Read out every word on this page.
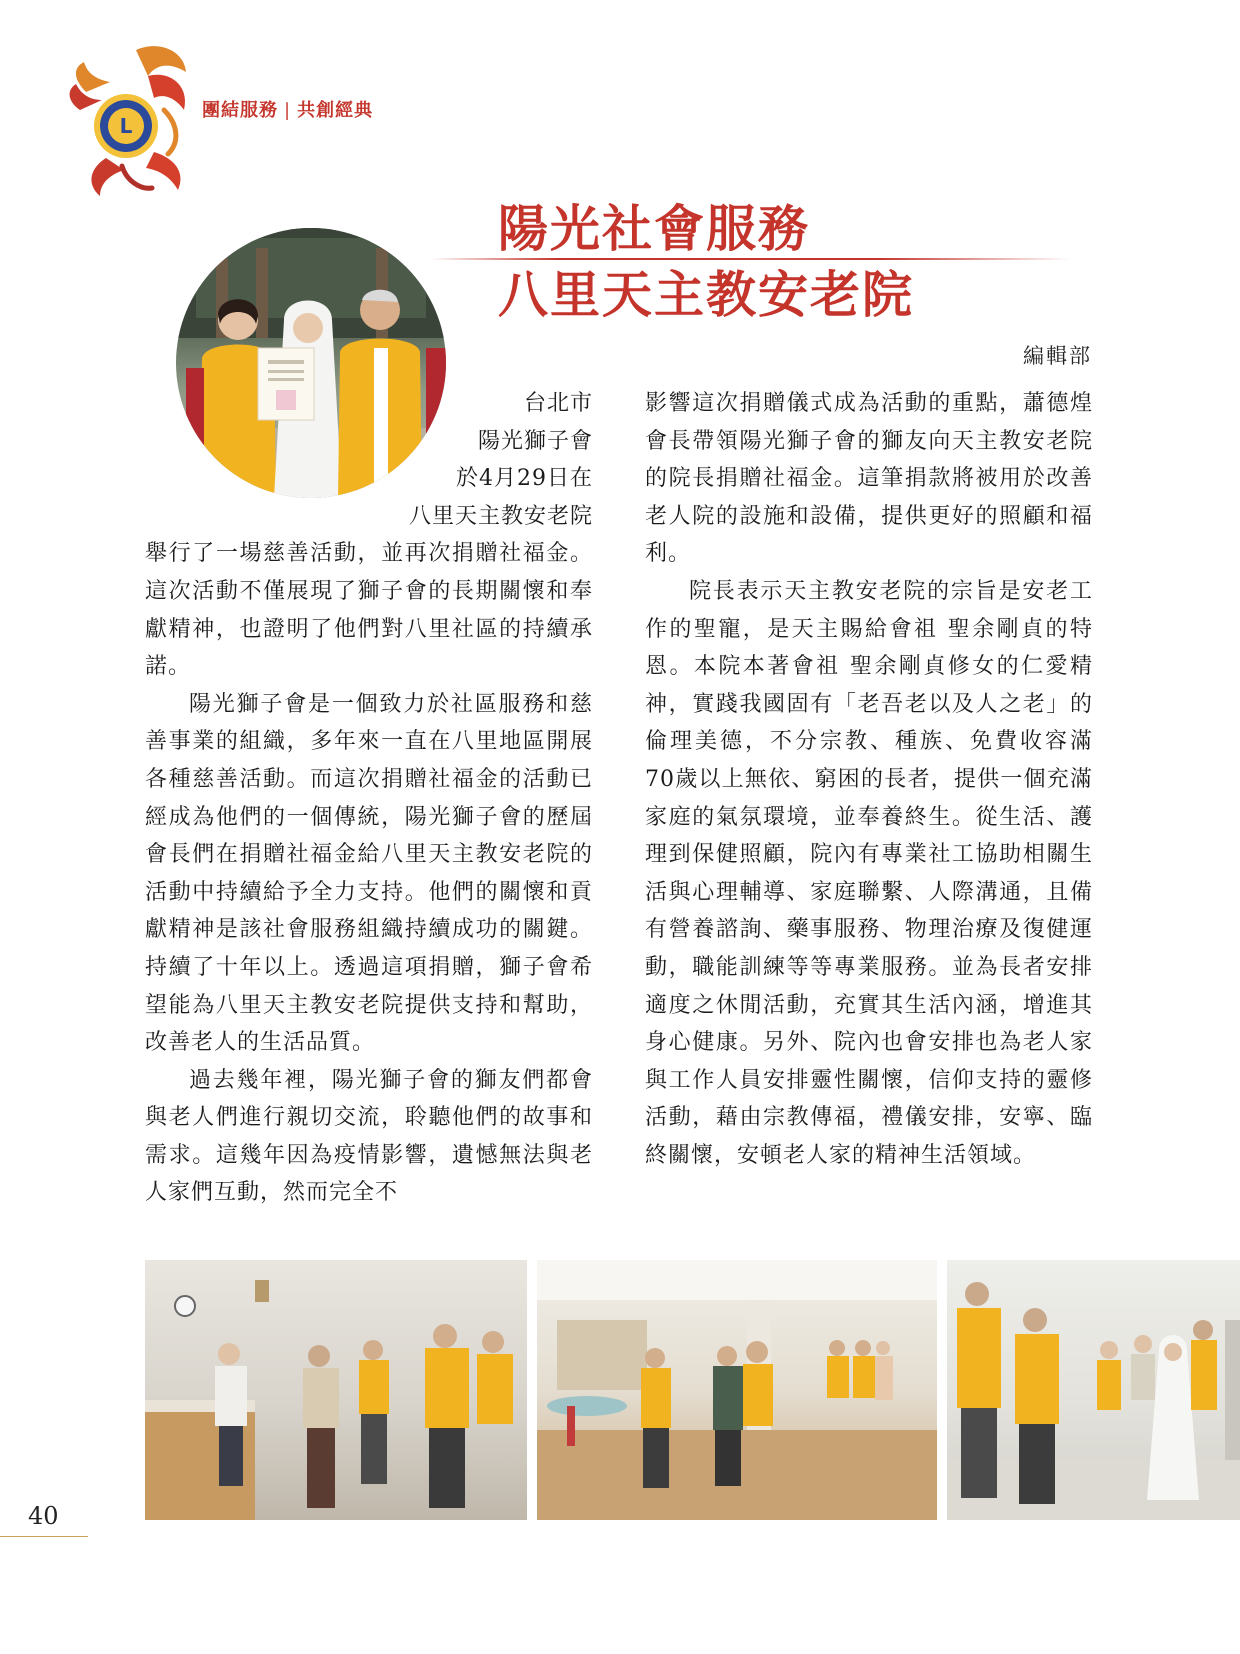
L
團結服務 | 共創經典
陽光社會服務
八里天主教安老院
編輯部
台北市
陽光獅子會
於4月29日在
八里天主教安老院

舉行了一場慈善活動，並再次捐贈社福金。這次活動不僅展現了獅子會的長期關懷和奉獻精神，也證明了他們對八里社區的持續承諾。

陽光獅子會是一個致力於社區服務和慈善事業的組織，多年來一直在八里地區開展各種慈善活動。而這次捐贈社福金的活動已經成為他們的一個傳統，陽光獅子會的歷屆會長們在捐贈社福金給八里天主教安老院的活動中持續給予全力支持。他們的關懷和貢獻精神是該社會服務組織持續成功的關鍵。持續了十年以上。透過這項捐贈，獅子會希望能為八里天主教安老院提供支持和幫助，改善老人的生活品質。

過去幾年裡，陽光獅子會的獅友們都會與老人們進行親切交流，聆聽他們的故事和需求。這幾年因為疫情影響，遺憾無法與老人家們互動，然而完全不

影響這次捐贈儀式成為活動的重點，蕭德煌會長帶領陽光獅子會的獅友向天主教安老院的院長捐贈社福金。這筆捐款將被用於改善老人院的設施和設備，提供更好的照顧和福利。

院長表示天主教安老院的宗旨是安老工作的聖寵，是天主賜給會祖 聖余剛貞的特恩。本院本著會祖 聖余剛貞修女的仁愛精神，實踐我國固有「老吾老以及人之老」的倫理美德，不分宗教、種族、免費收容滿 70歲以上無依、窮困的長者，提供一個充滿家庭的氣氛環境，並奉養終生。從生活、護理到保健照顧，院內有專業社工協助相關生活與心理輔導、家庭聯繫、人際溝通，且備有營養諮詢、藥事服務、物理治療及復健運動，職能訓練等等專業服務。並為長者安排適度之休閒活動，充實其生活內涵，增進其身心健康。另外、院內也會安排也為老人家與工作人員安排靈性關懷，信仰支持的靈修活動，藉由宗教傳福，禮儀安排，安寧、臨終關懷，安頓老人家的精神生活領域。

40
